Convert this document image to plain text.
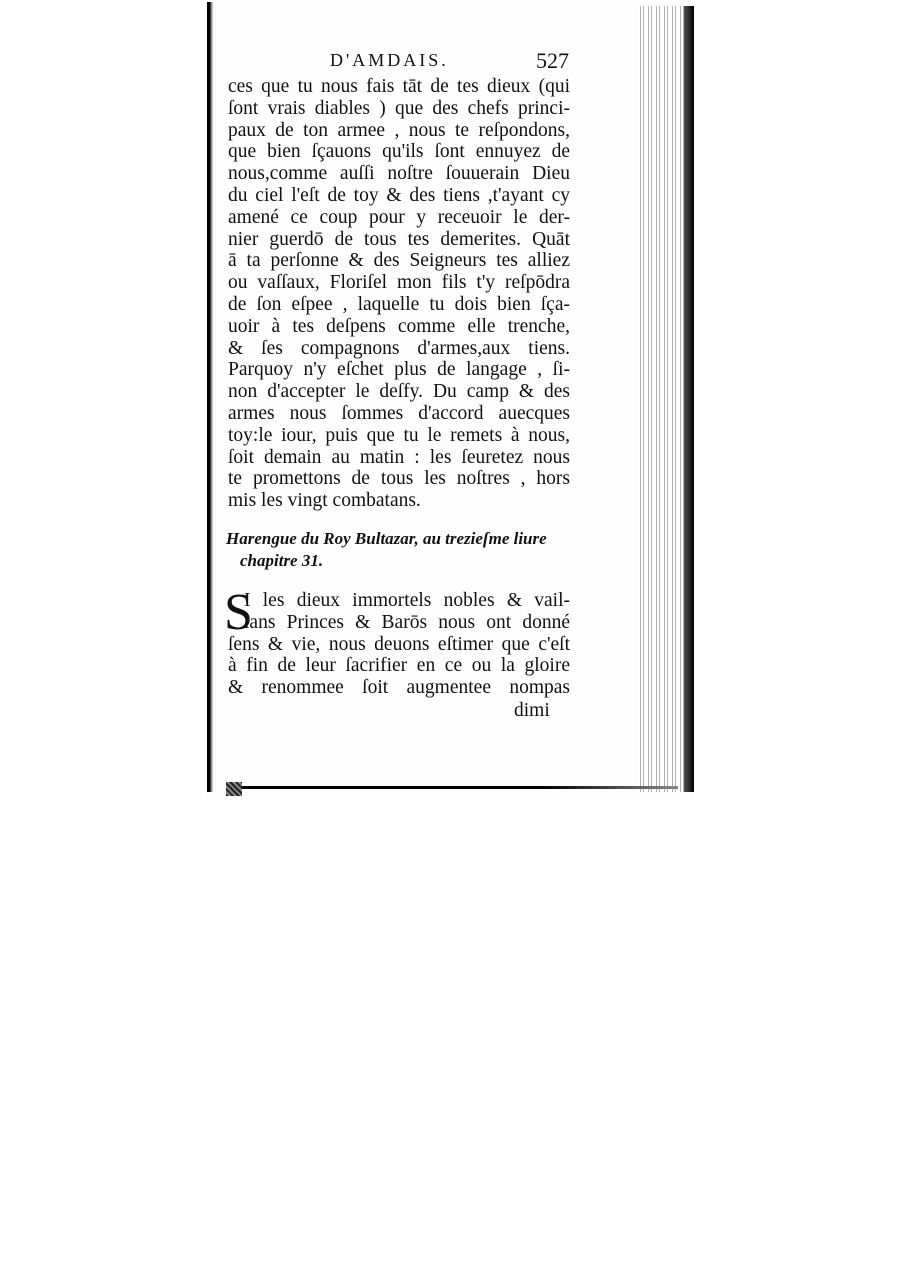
D'AMDAIS.	527
ces que tu nous fais tāt de tes dieux (qui
ſont vrais diables ) que des chefs princi-
paux de ton armee , nous te reſpondons,
que bien ſçauons qu'ils ſont ennuyez de
nous,comme auſſi noſtre ſouuerain Dieu
du ciel l'eſt de toy & des tiens ,t'ayant cy
amené ce coup pour y receuoir le der-
nier guerdō de tous tes demerites. Quāt
ā ta perſonne & des Seigneurs tes alliez
ou vaſſaux, Floriſel mon fils t'y reſpōdra
de ſon eſpee , laquelle tu dois bien ſça-
uoir à tes deſpens comme elle trenche,
& ſes compagnons d'armes,aux tiens.
Parquoy n'y eſchet plus de langage , ſi-
non d'accepter le deſfy. Du camp & des
armes nous ſommes d'accord auecques
toy:le iour, puis que tu le remets à nous,
ſoit demain au matin : les ſeuretez nous
te promettons de tous les noſtres , hors
mis les vingt combatans.
Harengue du Roy Bultazar, au trezieſme liure
chapitre 31.
S
I les dieux immortels nobles & vail-
lans Princes & Barōs nous ont donné
ſens & vie, nous deuons eſtimer que c'eſt
à fin de leur ſacrifier en ce ou la gloire
& renommee ſoit augmentee nompas
dimi
